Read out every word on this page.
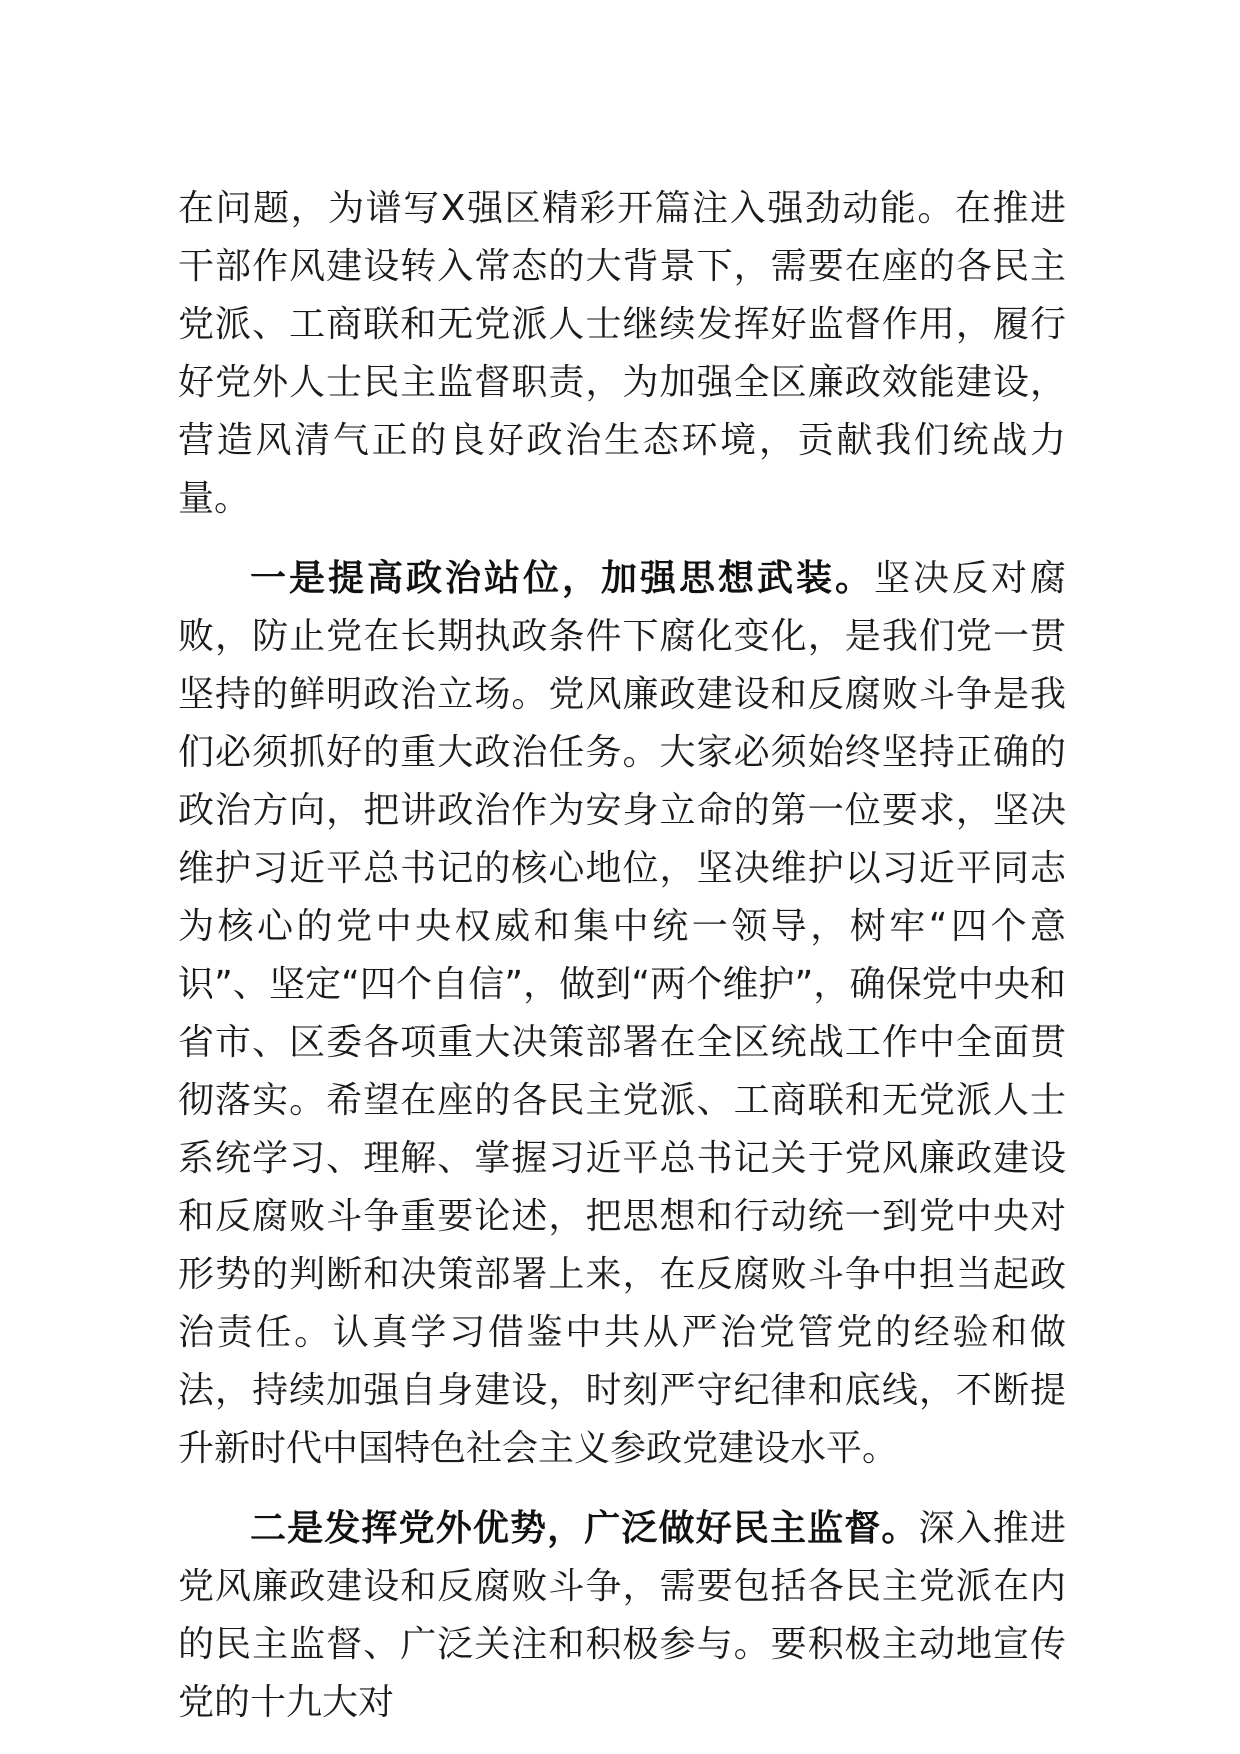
在问题，为谱写X强区精彩开篇注入强劲动能。在推进干部作风建设转入常态的大背景下，需要在座的各民主党派、工商联和无党派人士继续发挥好监督作用，履行好党外人士民主监督职责，为加强全区廉政效能建设，营造风清气正的良好政治生态环境，贡献我们统战力量。

一是提高政治站位，加强思想武装。坚决反对腐败，防止党在长期执政条件下腐化变化，是我们党一贯坚持的鲜明政治立场。党风廉政建设和反腐败斗争是我们必须抓好的重大政治任务。大家必须始终坚持正确的政治方向，把讲政治作为安身立命的第一位要求，坚决维护习近平总书记的核心地位，坚决维护以习近平同志为核心的党中央权威和集中统一领导，树牢“四个意识”、坚定“四个自信”，做到“两个维护”，确保党中央和省市、区委各项重大决策部署在全区统战工作中全面贯彻落实。希望在座的各民主党派、工商联和无党派人士系统学习、理解、掌握习近平总书记关于党风廉政建设和反腐败斗争重要论述，把思想和行动统一到党中央对形势的判断和决策部署上来，在反腐败斗争中担当起政治责任。认真学习借鉴中共从严治党管党的经验和做法，持续加强自身建设，时刻严守纪律和底线，不断提升新时代中国特色社会主义参政党建设水平。

二是发挥党外优势，广泛做好民主监督。深入推进党风廉政建设和反腐败斗争，需要包括各民主党派在内的民主监督、广泛关注和积极参与。要积极主动地宣传党的十九大对
